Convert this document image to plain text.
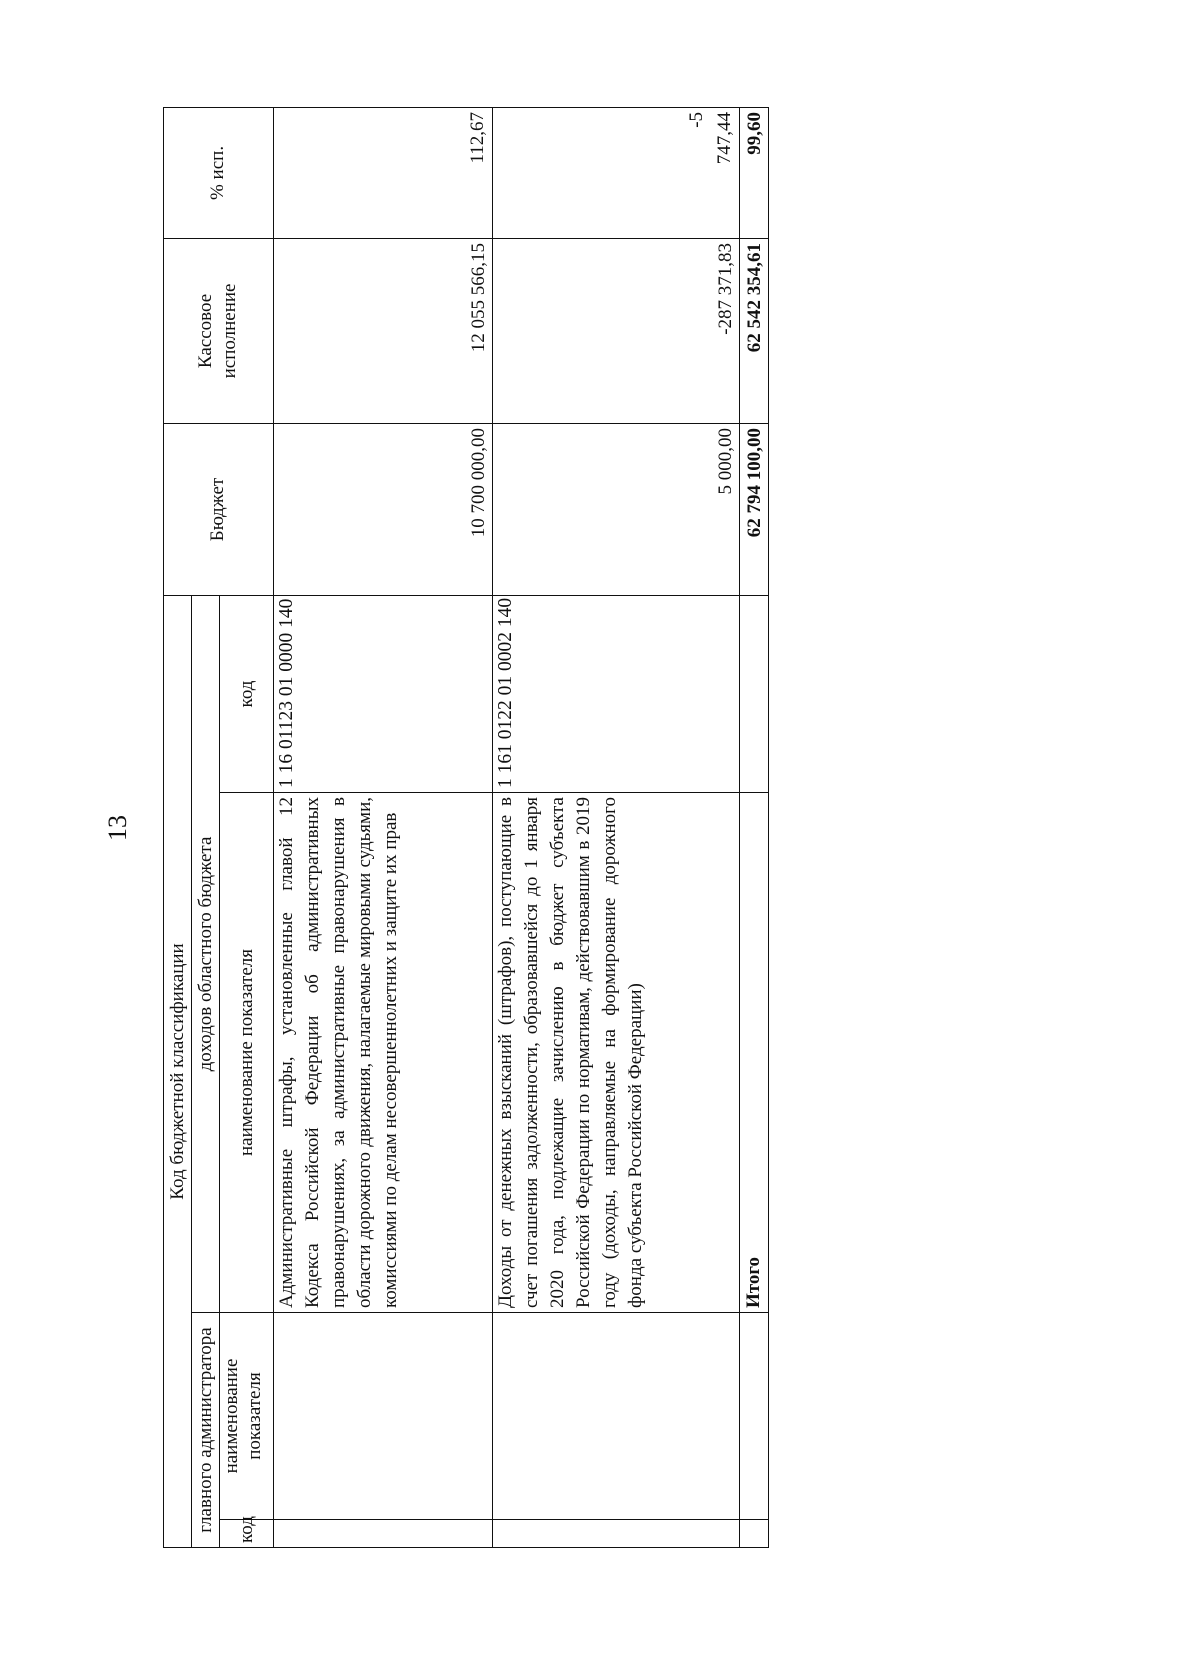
13
Код бюджетной классификации				Бюджет	Кассовое исполнение	% исп.
главного администратора		доходов областного бюджета				
код	наименование показателя	наименование показателя	код			
		Административные штрафы, установленные главой 12 Кодекса Российской Федерации об административных правонарушениях, за административные правонарушения в области дорожного движения, налагаемые мировыми судьями, комиссиями по делам несовершеннолетних и защите их прав	1 16 01123 01 0000 140	10 700 000,00	12 055 566,15	112,67

		Доходы от денежных взысканий (штрафов), поступающие в счет погашения задолженности, образовавшейся до 1 января 2020 года, подлежащие зачислению в бюджет субъекта Российской Федерации по нормативам, действовавшим в 2019 году (доходы, направляемые на формирование дорожного фонда субъекта Российской Федерации)	1 161 0122 01 0002 140	5 000,00	-287 371,83	-5 747,44

		Итого		62 794 100,00	62 542 354,61	99,60
